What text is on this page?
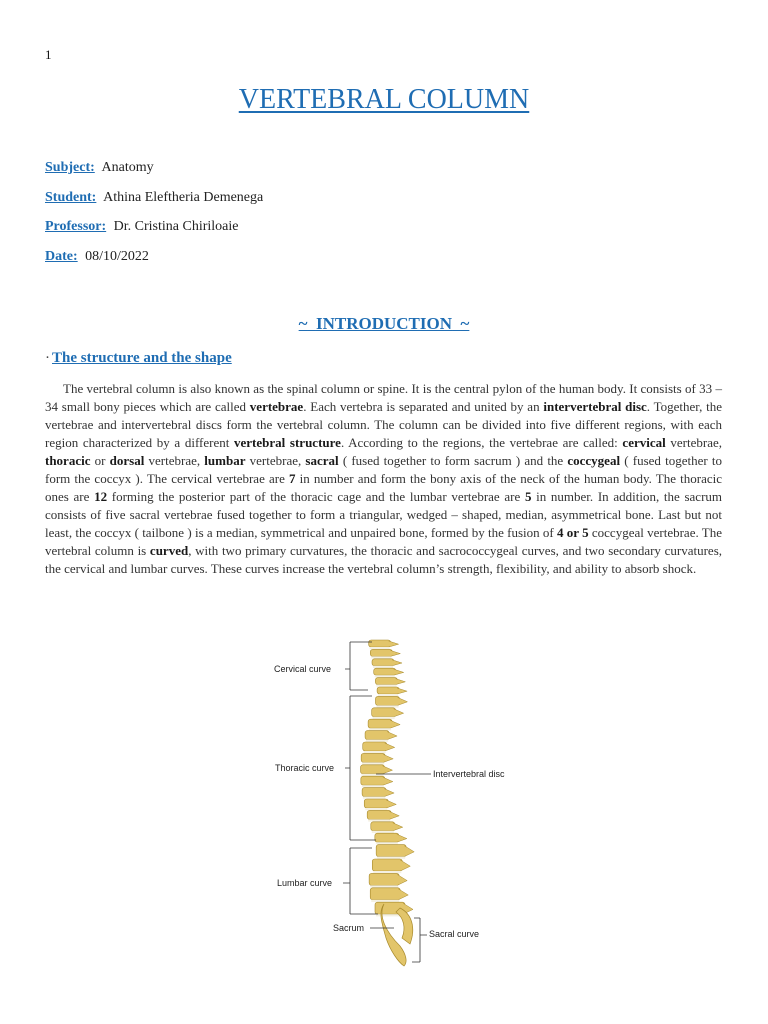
1
VERTEBRAL COLUMN
Subject: Anatomy
Student: Athina Eleftheria Demenega
Professor: Dr. Cristina Chiriloaie
Date: 08/10/2022
~ INTRODUCTION ~
· The structure and the shape

The vertebral column is also known as the spinal column or spine. It is the central pylon of the human body. It consists of 33 – 34 small bony pieces which are called vertebrae. Each vertebra is separated and united by an intervertebral disc. Together, the vertebrae and intervertebral discs form the vertebral column. The column can be divided into five different regions, with each region characterized by a different vertebral structure. According to the regions, the vertebrae are called: cervical vertebrae, thoracic or dorsal vertebrae, lumbar vertebrae, sacral ( fused together to form sacrum ) and the coccygeal ( fused together to form the coccyx ). The cervical vertebrae are 7 in number and form the bony axis of the neck of the human body. The thoracic ones are 12 forming the posterior part of the thoracic cage and the lumbar vertebrae are 5 in number. In addition, the sacrum consists of five sacral vertebrae fused together to form a triangular, wedged – shaped, median, asymmetrical bone. Last but not least, the coccyx ( tailbone ) is a median, symmetrical and unpaired bone, formed by the fusion of 4 or 5 coccygeal vertebrae. The vertebral column is curved, with two primary curvatures, the thoracic and sacrococcygeal curves, and two secondary curvatures, the cervical and lumbar curves. These curves increase the vertebral column’s strength, flexibility, and ability to absorb shock.

Cervical curve
Thoracic curve
Lumbar curve
Sacrum
Intervertebral disc
Sacral curve
